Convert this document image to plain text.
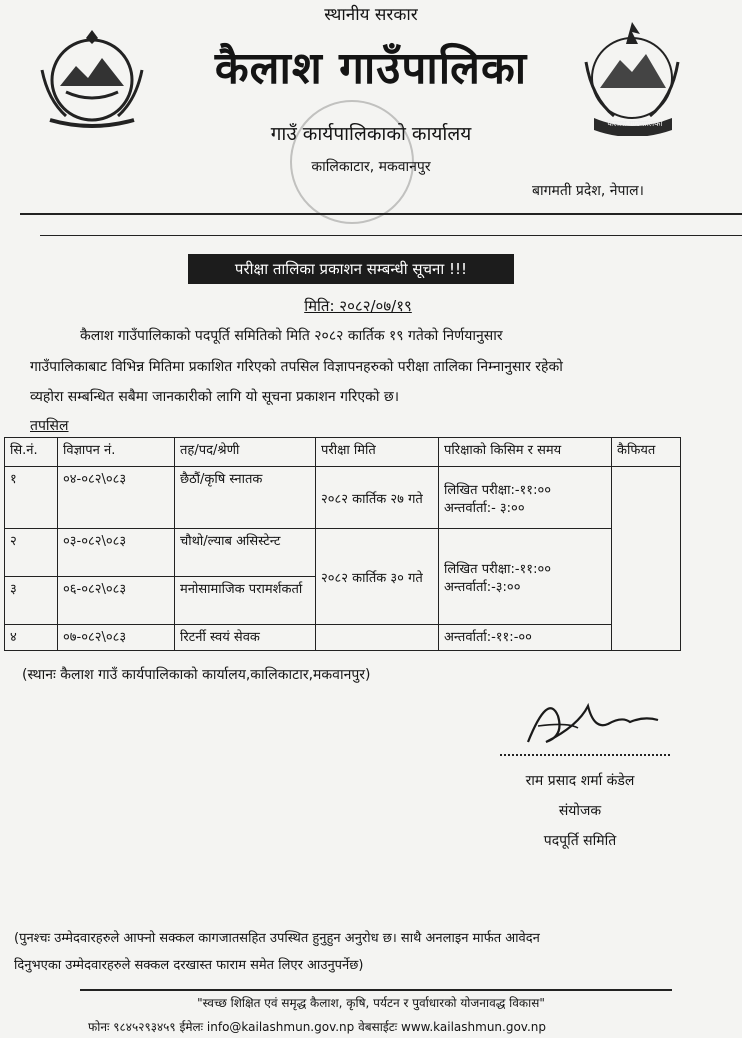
कैलाश गाउँपालिका
स्थानीय सरकार
कैलाश गाउँपालिका
गाउँ कार्यपालिकाको कार्यालय
कालिकाटार, मकवानपुर
बागमती प्रदेश, नेपाल।
परीक्षा तालिका प्रकाशन सम्बन्धी सूचना !!!
मिति: २०८२/०७/१९
कैलाश गाउँपालिकाको पदपूर्ति समितिको मिति २०८२ कार्तिक १९ गतेको निर्णयानुसार
गाउँपालिकाबाट विभिन्न मितिमा प्रकाशित गरिएको तपसिल विज्ञापनहरुको परीक्षा तालिका निम्नानुसार रहेको
व्यहोरा सम्बन्धित सबैमा जानकारीको लागि यो सूचना प्रकाशन गरिएको छ।
तपसिल
सि.नं.	विज्ञापन नं.	तह/पद/श्रेणी	परीक्षा मिति	परिक्षाको किसिम र समय	कैफियत
१	०४-०८२\०८३	छैठौं/कृषि स्नातक	२०८२ कार्तिक २७ गते	लिखित परीक्षा:-११:००
अन्तर्वार्ता:- ३:००	

२	०३-०८२\०८३	चौथो/ल्याब असिस्टेन्ट	२०८२ कार्तिक ३० गते	लिखित परीक्षा:-११:००
अन्तर्वार्ता:-३:००	

३	०६-०८२\०८३	मनोसामाजिक परामर्शकर्ता			
४	०७-०८२\०८३	रिटर्नी स्वयं सेवक		अन्तर्वार्ता:-११:-००	
(स्थानः कैलाश गाउँ कार्यपालिकाको कार्यालय,कालिकाटार,मकवानपुर)
राम प्रसाद शर्मा कंडेल
संयोजक
पदपूर्ति समिति
(पुनश्चः उम्मेदवारहरुले आफ्नो सक्कल कागजातसहित उपस्थित हुनुहुन अनुरोध छ। साथै अनलाइन मार्फत आवेदन
दिनुभएका उम्मेदवारहरुले सक्कल दरखास्त फाराम समेत लिएर आउनुपर्नेछ)
"स्वच्छ शिक्षित एवं समृद्ध कैलाश, कृषि, पर्यटन र पुर्वाधारको योजनावद्ध विकास"
फोनः ९८४५२९३४५९ ईमेलः info@kailashmun.gov.np वेबसाईटः www.kailashmun.gov.np
